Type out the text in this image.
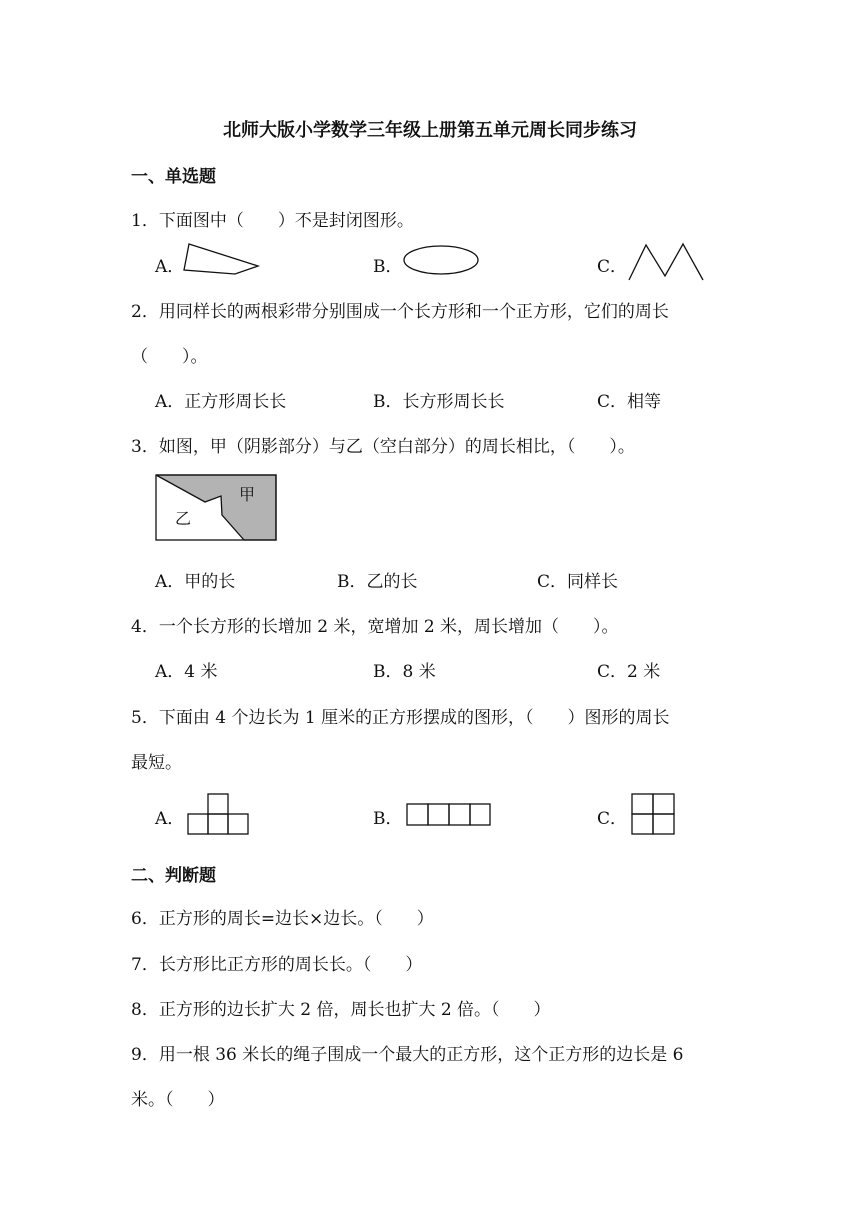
北师大版小学数学三年级上册第五单元周长同步练习
一、单选题
1．下面图中（　　）不是封闭图形。
A．	B．	C．
2．用同样长的两根彩带分别围成一个长方形和一个正方形，它们的周长
（　　）。
A．正方形周长长	B．长方形周长长	C．相等
3．如图，甲（阴影部分）与乙（空白部分）的周长相比，（　　）。
甲
乙
A．甲的长	B．乙的长	C．同样长
4．一个长方形的长增加 2 米，宽增加 2 米，周长增加（　　）。
A．4 米	B．8 米	C．2 米
5．下面由 4 个边长为 1 厘米的正方形摆成的图形，（　　）图形的周长
最短。
A．	B．	C．
二、判断题
6．正方形的周长=边长×边长。（　　）
7．长方形比正方形的周长长。（　　）
8．正方形的边长扩大 2 倍，周长也扩大 2 倍。（　　）
9．用一根 36 米长的绳子围成一个最大的正方形，这个正方形的边长是 6
米。（　　）
